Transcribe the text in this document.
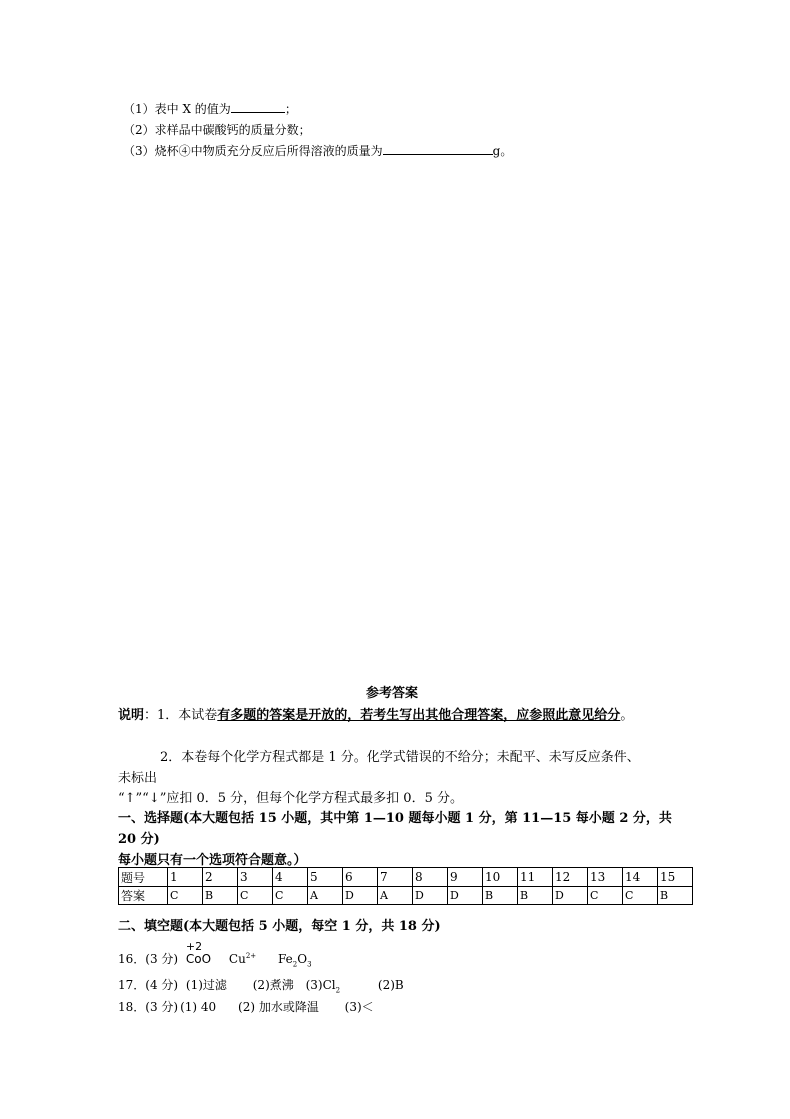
（1）表中 X 的值为	；
（2）求样品中碳酸钙的质量分数；
（3）烧杯④中物质充分反应后所得溶液的质量为	g。
参考答案
说明：1．本试卷有多题的答案是开放的，若考生写出其他合理答案，应参照此意见给分。
2．本卷每个化学方程式都是 1 分。化学式错误的不给分；未配平、未写反应条件、
未标出
“↑”“↓”应扣 0．5 分，但每个化学方程式最多扣 0．5 分。
一、选择题(本大题包括 15 小题，其中第 1—10 题每小题 1 分，第 11—15 每小题 2 分，共
20 分)
每小题只有一个选项符合题意。）
题号	1	2	3	4	5	6	7	8	9	10	11	12	13	14	15
答案	C	B	C	C	A	D	A	D	D	B	B	D	C	C	B
二、填空题(本大题包括 5 小题，每空 1 分，共 18 分)
16．(3 分)
+2
CoO $Cu^{2+}$ $Fe_2O_3$
17．(4 分) (1)过滤 (2)煮沸 $(3)Cl_2$	(2)B
18．(3 分) (1) 40 (2) 加水或降温 (3)＜
